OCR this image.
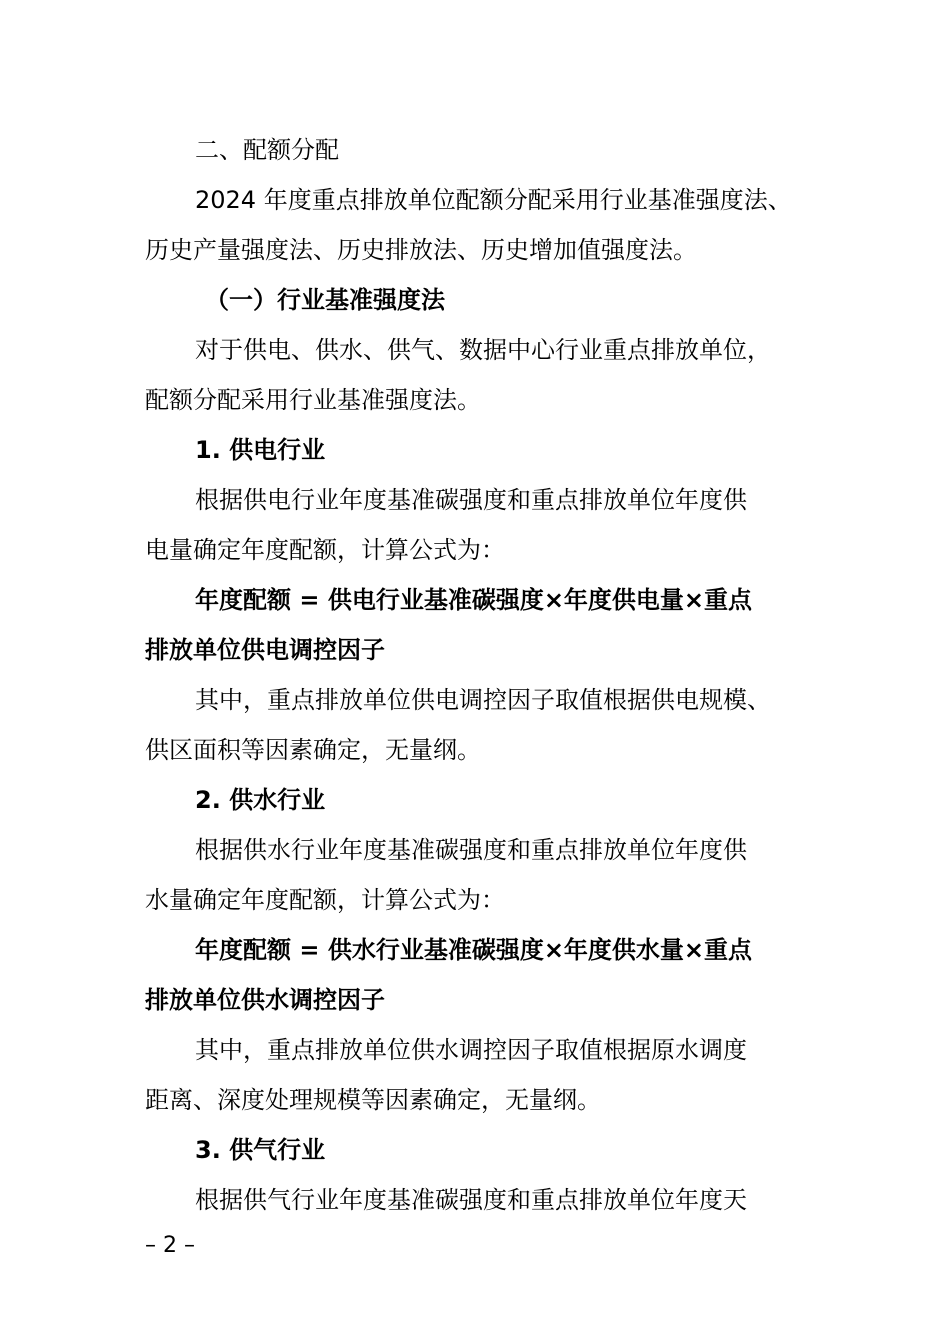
二、配额分配
2024 年度重点排放单位配额分配采用行业基准强度法、
历史产量强度法、历史排放法、历史增加值强度法。
（一）行业基准强度法
对于供电、供水、供气、数据中心行业重点排放单位，
配额分配采用行业基准强度法。
1. 供电行业
根据供电行业年度基准碳强度和重点排放单位年度供
电量确定年度配额，计算公式为：
年度配额 = 供电行业基准碳强度×年度供电量×重点
排放单位供电调控因子
其中，重点排放单位供电调控因子取值根据供电规模、
供区面积等因素确定，无量纲。
2. 供水行业
根据供水行业年度基准碳强度和重点排放单位年度供
水量确定年度配额，计算公式为：
年度配额 = 供水行业基准碳强度×年度供水量×重点
排放单位供水调控因子
其中，重点排放单位供水调控因子取值根据原水调度
距离、深度处理规模等因素确定，无量纲。
3. 供气行业
根据供气行业年度基准碳强度和重点排放单位年度天
– 2 –
